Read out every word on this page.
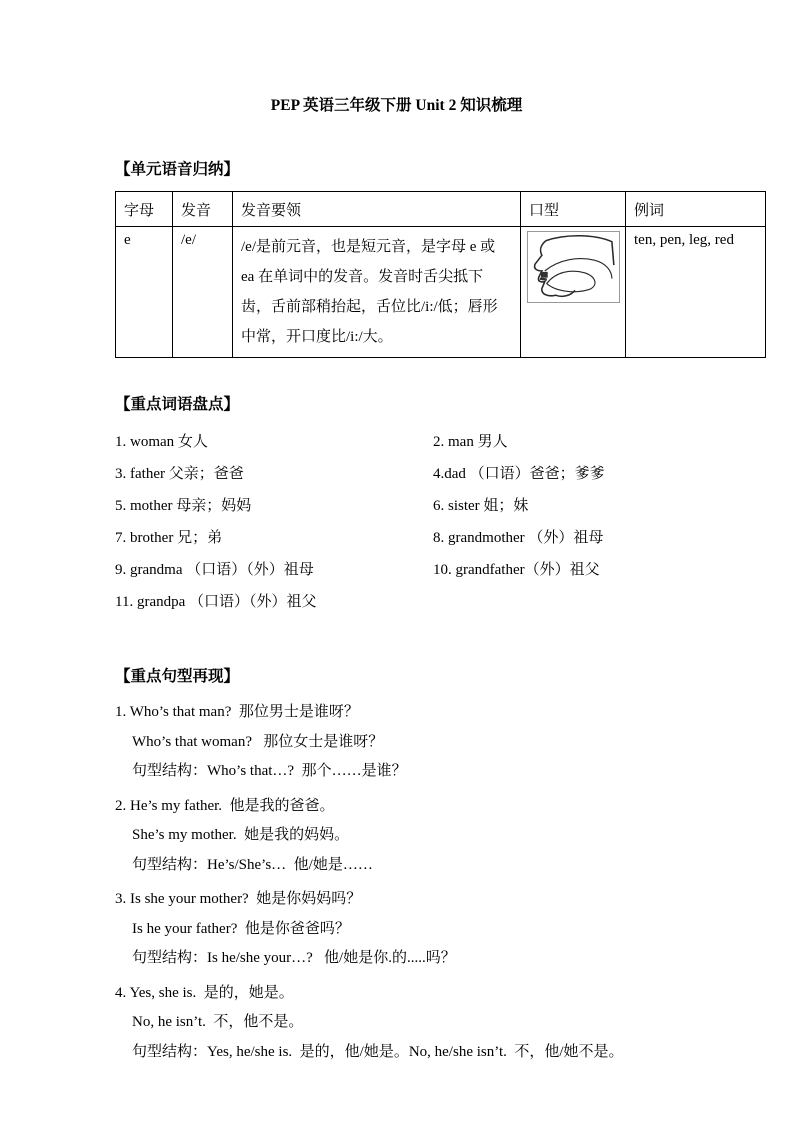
PEP 英语三年级下册 Unit 2 知识梳理
【单元语音归纳】
字母	发音	发音要领	口型	例词
e	/e/	/e/是前元音，也是短元音，是字母 e 或 ea 在单词中的发音。发音时舌尖抵下齿，舌前部稍抬起，舌位比/i:/低；唇形中常，开口度比/i:/大。		ten, pen, leg, red
【重点词语盘点】
1. woman 女人	2. man 男人
3. father 父亲；爸爸	4.dad （口语）爸爸；爹爹
5. mother 母亲；妈妈	6. sister 姐；妹
7. brother 兄；弟	8. grandmother （外）祖母
9. grandma （口语）（外）祖母	10. grandfather（外）祖父
11. grandpa （口语）（外）祖父
【重点句型再现】

1. Who’s that man?  那位男士是谁呀？

Who’s that woman?   那位女士是谁呀？

句型结构：Who’s that…?  那个……是谁？

2. He’s my father.  他是我的爸爸。

She’s my mother.  她是我的妈妈。

句型结构：He’s/She’s…  他/她是……

3. Is she your mother?  她是你妈妈吗？

Is he your father?  他是你爸爸吗？

句型结构：Is he/she your…?   他/她是你.的.....吗？

4. Yes, she is.  是的，她是。

No, he isn’t.  不，他不是。

句型结构：Yes, he/she is.  是的，他/她是。No, he/she isn’t.  不，他/她不是。
